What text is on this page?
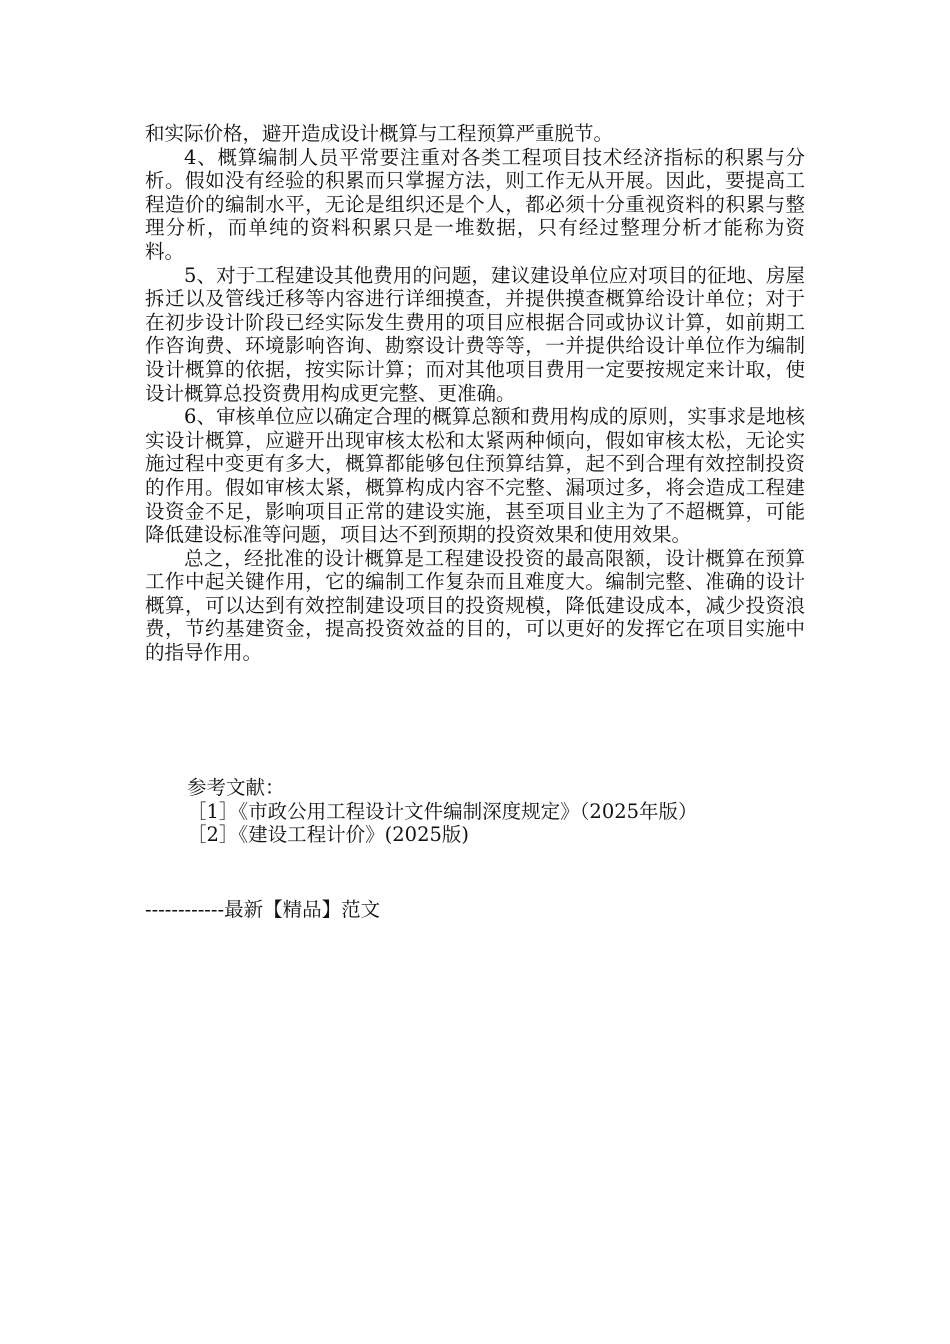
和实际价格，避开造成设计概算与工程预算严重脱节。

4、概算编制人员平常要注重对各类工程项目技术经济指标的积累与分析。假如没有经验的积累而只掌握方法，则工作无从开展。因此，要提高工程造价的编制水平，无论是组织还是个人，都必须十分重视资料的积累与整理分析，而单纯的资料积累只是一堆数据，只有经过整理分析才能称为资料。

5、对于工程建设其他费用的问题，建议建设单位应对项目的征地、房屋拆迁以及管线迁移等内容进行详细摸查，并提供摸查概算给设计单位；对于在初步设计阶段已经实际发生费用的项目应根据合同或协议计算，如前期工作咨询费、环境影响咨询、勘察设计费等等，一并提供给设计单位作为编制设计概算的依据，按实际计算；而对其他项目费用一定要按规定来计取，使设计概算总投资费用构成更完整、更准确。

6、审核单位应以确定合理的概算总额和费用构成的原则，实事求是地核实设计概算，应避开出现审核太松和太紧两种倾向，假如审核太松，无论实施过程中变更有多大，概算都能够包住预算结算，起不到合理有效控制投资的作用。假如审核太紧，概算构成内容不完整、漏项过多，将会造成工程建设资金不足，影响项目正常的建设实施，甚至项目业主为了不超概算，可能降低建设标准等问题，项目达不到预期的投资效果和使用效果。

总之，经批准的设计概算是工程建设投资的最高限额，设计概算在预算工作中起关键作用，它的编制工作复杂而且难度大。编制完整、准确的设计概算，可以达到有效控制建设项目的投资规模，降低建设成本，减少投资浪费，节约基建资金，提高投资效益的目的，可以更好的发挥它在项目实施中的指导作用。

参考文献：
［1］《市政公用工程设计文件编制深度规定》（2025年版）
［2］《建设工程计价》(2025版)
------------最新【精品】范文
